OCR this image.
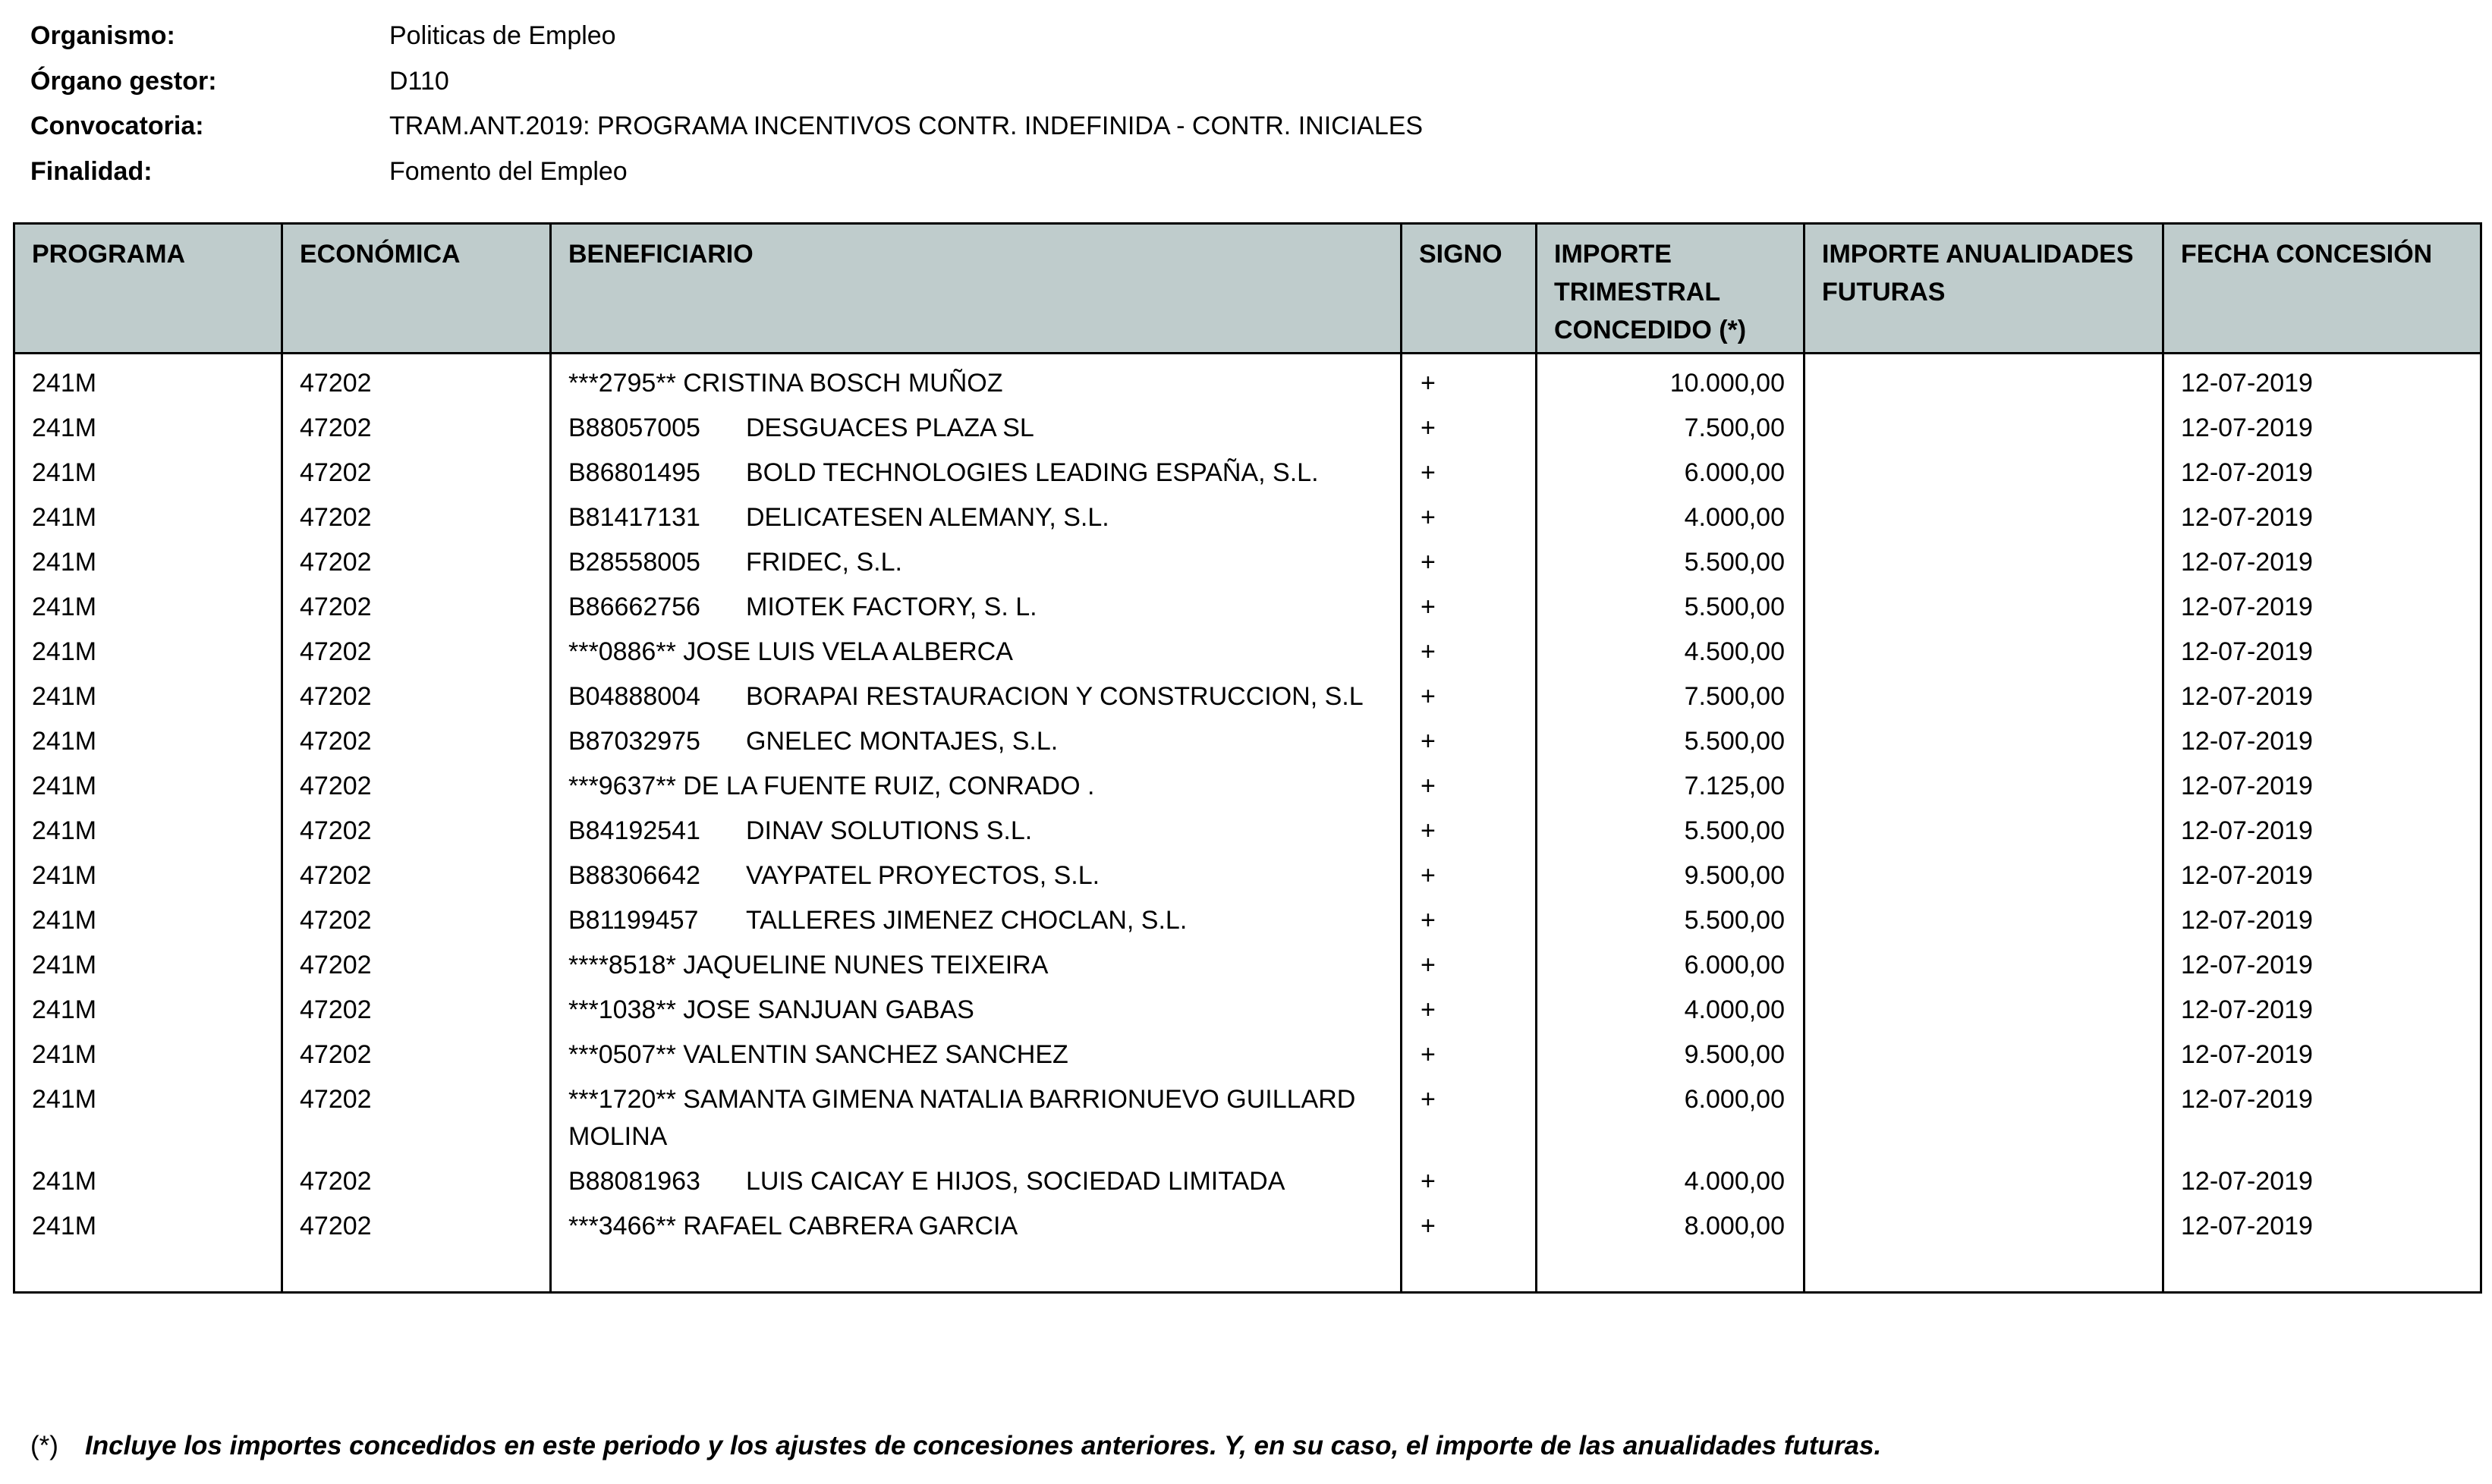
Organismo:	Politicas de Empleo
Órgano gestor:	D110
Convocatoria:	TRAM.ANT.2019: PROGRAMA INCENTIVOS CONTR. INDEFINIDA - CONTR. INICIALES
Finalidad:	Fomento del Empleo
PROGRAMA	ECONÓMICA	BENEFICIARIO	SIGNO	IMPORTE TRIMESTRAL CONCEDIDO (*)	IMPORTE ANUALIDADES FUTURAS	FECHA CONCESIÓN
241M	47202	***2795** CRISTINA BOSCH MUÑOZ	+	10.000,00		12-07-2019
241M	47202	B88057005 DESGUACES PLAZA SL	+	7.500,00		12-07-2019
241M	47202	B86801495 BOLD TECHNOLOGIES LEADING ESPAÑA, S.L.	+	6.000,00		12-07-2019
241M	47202	B81417131 DELICATESEN ALEMANY, S.L.	+	4.000,00		12-07-2019
241M	47202	B28558005 FRIDEC, S.L.	+	5.500,00		12-07-2019
241M	47202	B86662756 MIOTEK FACTORY, S. L.	+	5.500,00		12-07-2019
241M	47202	***0886** JOSE LUIS VELA ALBERCA	+	4.500,00		12-07-2019
241M	47202	B04888004 BORAPAI RESTAURACION Y CONSTRUCCION, S.L	+	7.500,00		12-07-2019
241M	47202	B87032975 GNELEC MONTAJES, S.L.	+	5.500,00		12-07-2019
241M	47202	***9637** DE LA FUENTE RUIZ, CONRADO .	+	7.125,00		12-07-2019
241M	47202	B84192541 DINAV SOLUTIONS S.L.	+	5.500,00		12-07-2019
241M	47202	B88306642 VAYPATEL PROYECTOS, S.L.	+	9.500,00		12-07-2019
241M	47202	B81199457 TALLERES JIMENEZ CHOCLAN, S.L.	+	5.500,00		12-07-2019
241M	47202	****8518* JAQUELINE NUNES TEIXEIRA	+	6.000,00		12-07-2019
241M	47202	***1038** JOSE SANJUAN GABAS	+	4.000,00		12-07-2019
241M	47202	***0507** VALENTIN SANCHEZ SANCHEZ	+	9.500,00		12-07-2019
241M	47202	***1720** SAMANTA GIMENA NATALIA BARRIONUEVO GUILLARD MOLINA	+	6.000,00		12-07-2019
241M	47202	B88081963 LUIS CAICAY E HIJOS, SOCIEDAD LIMITADA	+	4.000,00		12-07-2019
241M	47202	***3466** RAFAEL CABRERA GARCIA	+	8.000,00		12-07-2019

(*)	Incluye los importes concedidos en este periodo y los ajustes de concesiones anteriores. Y, en su caso, el importe de las anualidades futuras.
